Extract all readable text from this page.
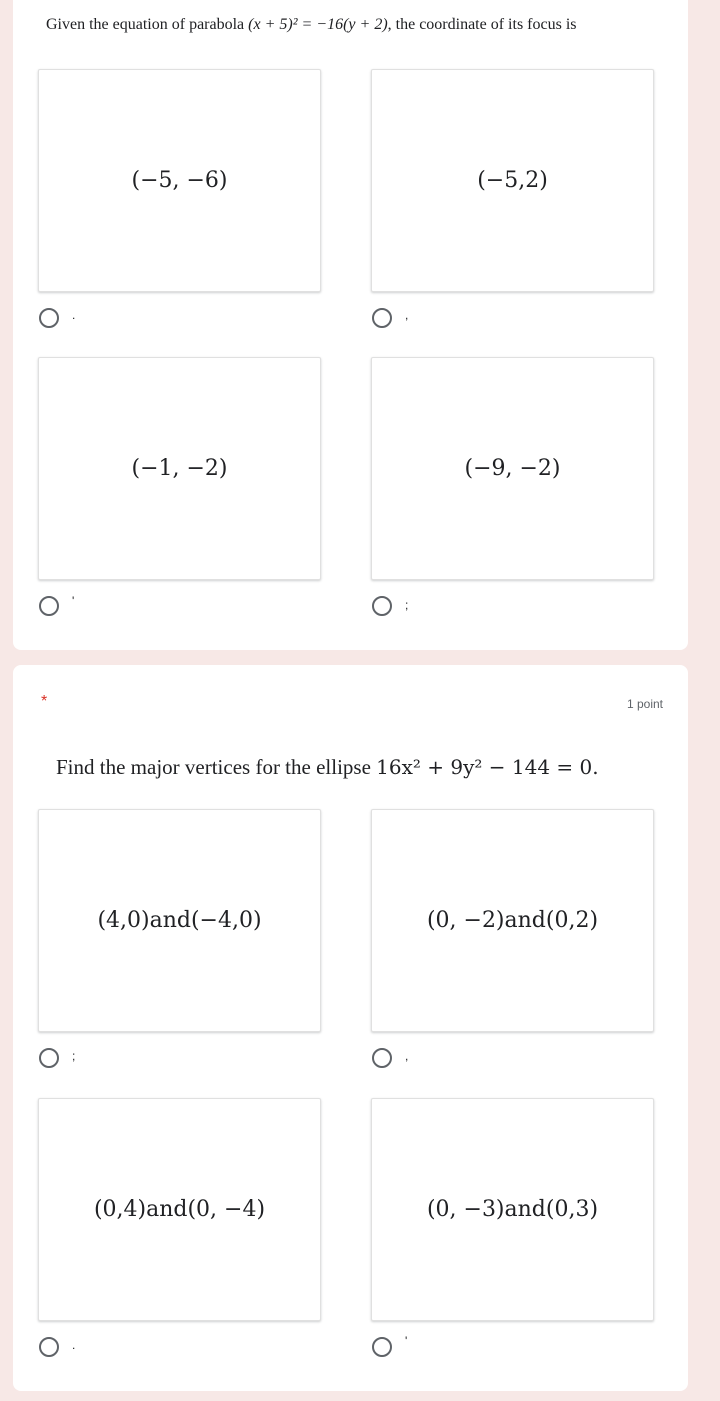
Given the equation of parabola (x + 5)² = −16(y + 2), the coordinate of its focus is
(−5, −6)	(−5,2)
.	,
(−1, −2)	(−9, −2)
'	;
*	1 point
Find the major vertices for the ellipse 16x² + 9y² − 144 = 0.
(4,0)and(−4,0)	(0, −2)and(0,2)
;	,
(0,4)and(0, −4)	(0, −3)and(0,3)
.	'
